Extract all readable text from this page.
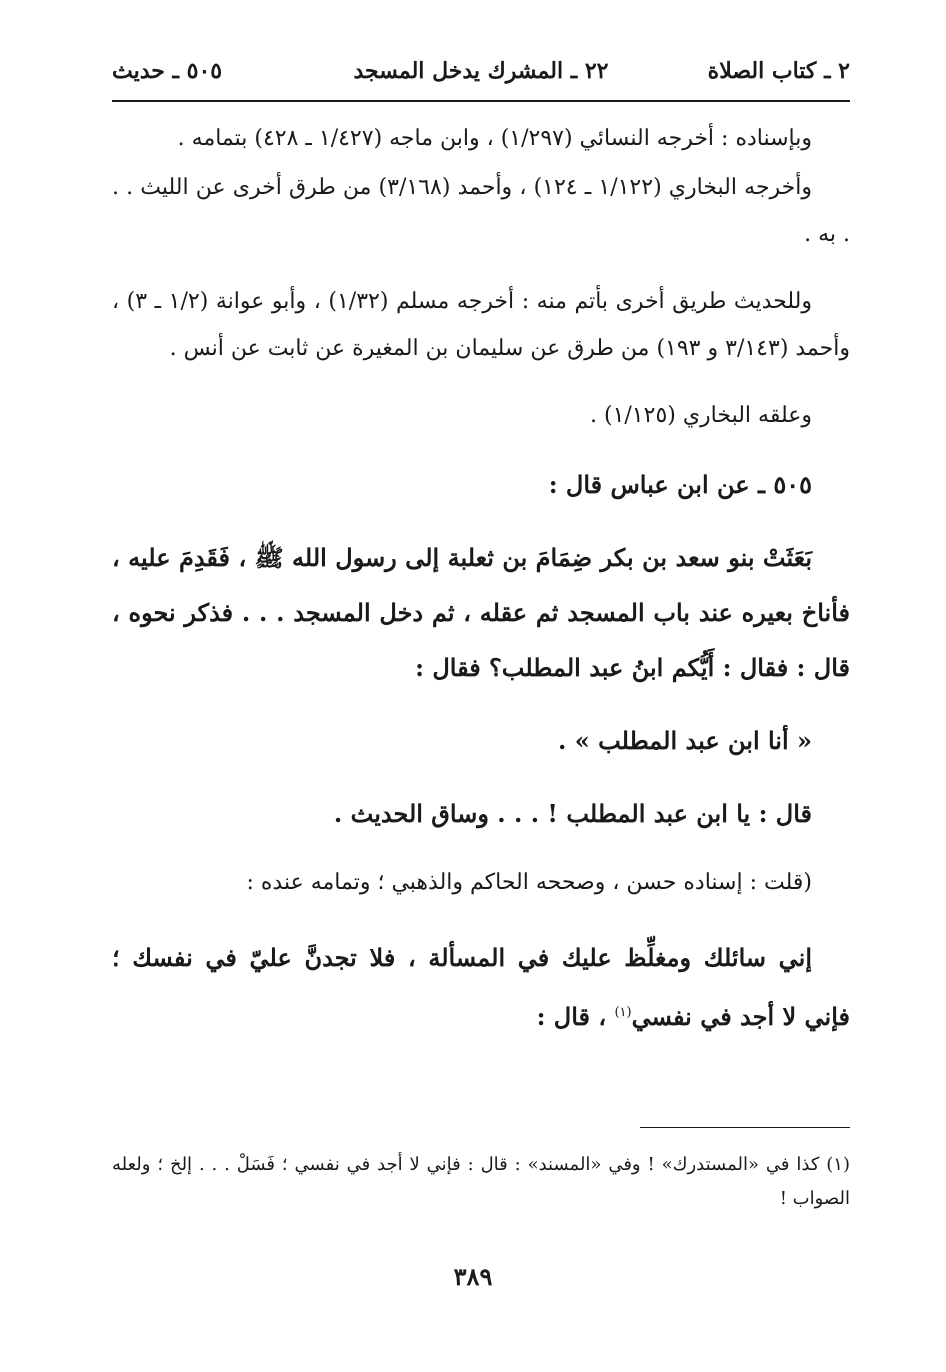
٢ ـ كتاب الصلاة
٢٢ ـ المشرك يدخل المسجد
٥٠٥ ـ حديث

وبإسناده : أخرجه النسائي (١/٢٩٧) ، وابن ماجه (١/٤٢٧ ـ ٤٢٨) بتمامه .

وأخرجه البخاري (١/١٢٢ ـ ١٢٤) ، وأحمد (٣/١٦٨) من طرق أخرى عن الليث . . . به .

وللحديث طريق أخرى بأتم منه : أخرجه مسلم (١/٣٢) ، وأبو عوانة (١/٢ ـ ٣) ، وأحمد (٣/١٤٣ و ١٩٣) من طرق عن سليمان بن المغيرة عن ثابت عن أنس .

وعلقه البخاري (١/١٢٥) .

٥٠٥ ـ عن ابن عباس قال :

بَعَثَتْ بنو سعد بن بكر ضِمَامَ بن ثعلبة إلى رسول الله ﷺ ، فَقَدِمَ عليه ، فأناخ بعيره عند باب المسجد ثم عقله ، ثم دخل المسجد . . . فذكر نحوه ، قال : فقال : أَيُّكم ابنُ عبد المطلب؟ فقال :

« أنا ابن عبد المطلب » .

قال : يا ابن عبد المطلب ! . . . وساق الحديث .

(قلت : إسناده حسن ، وصححه الحاكم والذهبي ؛ وتمامه عنده :

إني سائلك ومغلِّظ عليك في المسألة ، فلا تجدنَّ عليّ في نفسك ؛ فإني لا أجد في نفسي$^{(١)}$ ، قال :

(١) كذا في «المستدرك» ! وفي «المسند» : قال : فإني لا أجد في نفسي ؛ فَسَلْ . . . إلخ ؛ ولعله الصواب !

٣٨٩
